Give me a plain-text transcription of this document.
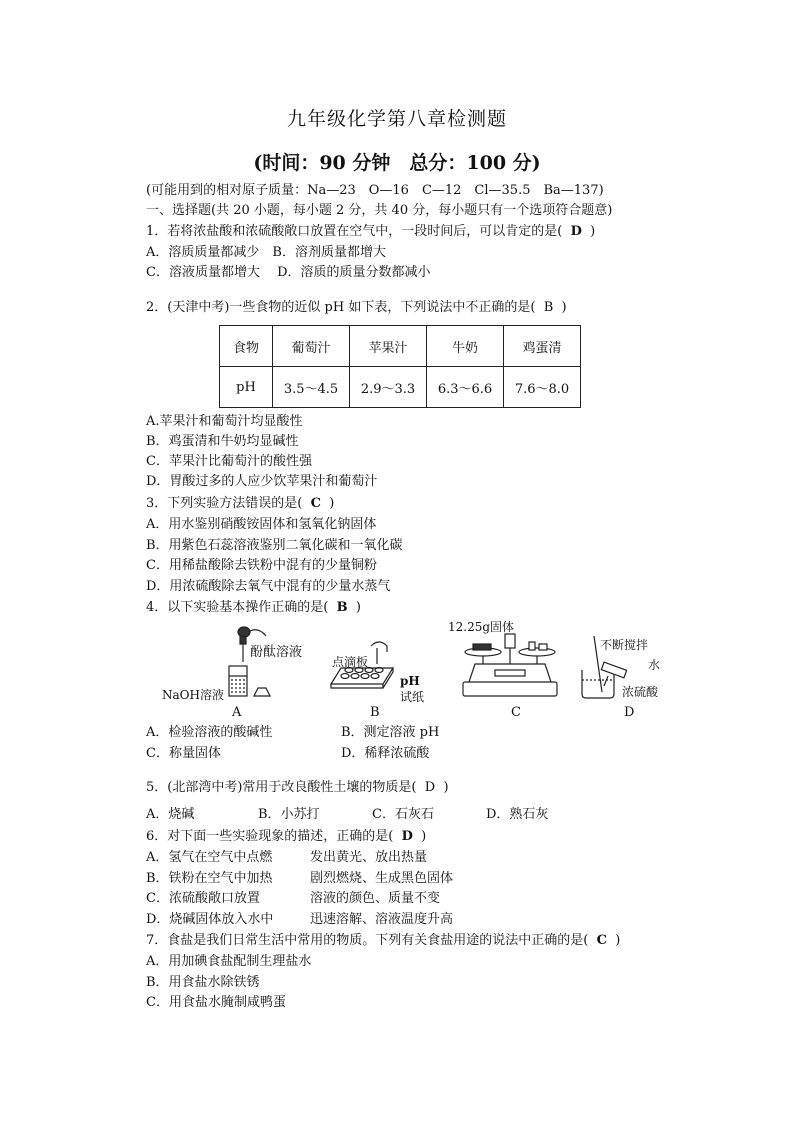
九年级化学第八章检测题
(时间：90 分钟　总分：100 分)
(可能用到的相对原子质量：Na—23　O—16　C—12　Cl—35.5　Ba—137)
一、选择题(共 20 小题，每小题 2 分，共 40 分，每小题只有一个选项符合题意)
1．若将浓盐酸和浓硫酸敞口放置在空气中，一段时间后，可以肯定的是( D )
A．溶质质量都减少　B．溶剂质量都增大
C．溶液质量都增大　 D．溶质的质量分数都减小
2．(天津中考)一些食物的近似 pH 如下表，下列说法中不正确的是( B )
食物	葡萄汁	苹果汁	牛奶	鸡蛋清
pH	3.5～4.5	2.9～3.3	6.3～6.6	7.6～8.0
A.苹果汁和葡萄汁均显酸性
B．鸡蛋清和牛奶均显碱性
C．苹果汁比葡萄汁的酸性强
D．胃酸过多的人应少饮苹果汁和葡萄汁
3．下列实验方法错误的是( C )
A．用水鉴别硝酸铵固体和氢氧化钠固体
B．用紫色石蕊溶液鉴别二氧化碳和一氧化碳
C．用稀盐酸除去铁粉中混有的少量铜粉
D．用浓硫酸除去氧气中混有的少量水蒸气
4．以下实验基本操作正确的是( B )
酚酞溶液
NaOH溶液
A
点滴板
pH
试纸
B
12.25g固体
C
不断搅拌
水
浓硫酸
D
A．检验溶液的酸碱性	B．测定溶液 pH
C．称量固体	D．稀释浓硫酸
5．(北部湾中考)常用于改良酸性土壤的物质是( D )
A．烧碱	B．小苏打	C．石灰石	D．熟石灰
6．对下面一些实验现象的描述，正确的是( D )
A．氢气在空气中点燃	发出黄光、放出热量
B．铁粉在空气中加热	剧烈燃烧、生成黑色固体
C．浓硫酸敞口放置	溶液的颜色、质量不变
D．烧碱固体放入水中	迅速溶解、溶液温度升高
7．食盐是我们日常生活中常用的物质。下列有关食盐用途的说法中正确的是( C )
A．用加碘食盐配制生理盐水
B．用食盐水除铁锈
C．用食盐水腌制咸鸭蛋
